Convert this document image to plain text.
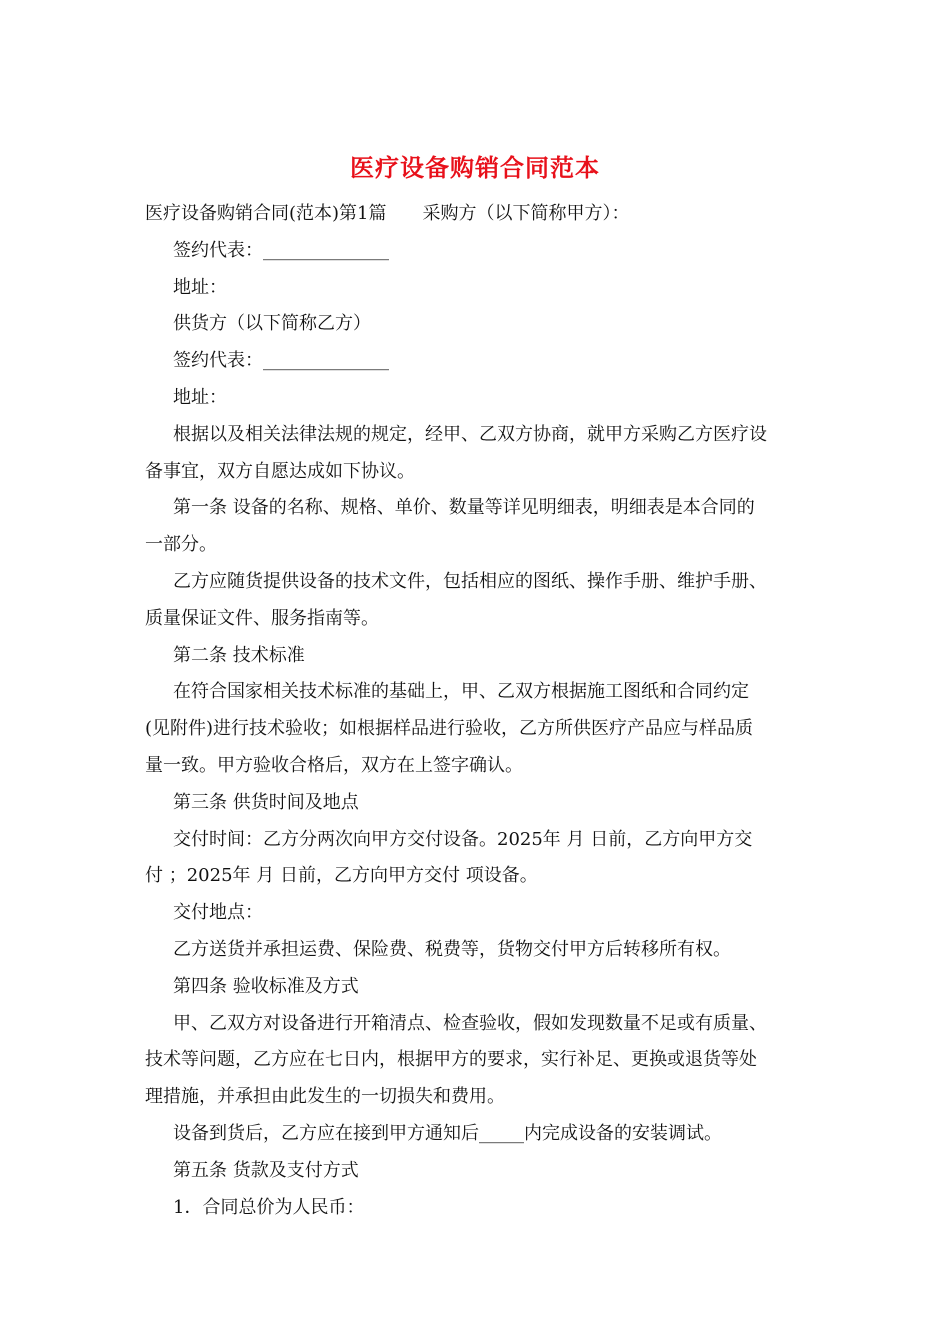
医疗设备购销合同范本
医疗设备购销合同(范本)第1篇　　采购方（以下简称甲方）：
签约代表：______________
地址：
供货方（以下简称乙方）
签约代表：______________
地址：
根据以及相关法律法规的规定，经甲、乙双方协商，就甲方采购乙方医疗设
备事宜，双方自愿达成如下协议。
第一条 设备的名称、规格、单价、数量等详见明细表，明细表是本合同的
一部分。
乙方应随货提供设备的技术文件，包括相应的图纸、操作手册、维护手册、
质量保证文件、服务指南等。
第二条 技术标准
在符合国家相关技术标准的基础上，甲、乙双方根据施工图纸和合同约定
(见附件)进行技术验收；如根据样品进行验收，乙方所供医疗产品应与样品质
量一致。甲方验收合格后，双方在上签字确认。
第三条 供货时间及地点
交付时间：乙方分两次向甲方交付设备。2025年 月 日前，乙方向甲方交
付 ；2025年 月 日前，乙方向甲方交付 项设备。
交付地点：
乙方送货并承担运费、保险费、税费等，货物交付甲方后转移所有权。
第四条 验收标准及方式
甲、乙双方对设备进行开箱清点、检查验收，假如发现数量不足或有质量、
技术等问题，乙方应在七日内，根据甲方的要求，实行补足、更换或退货等处
理措施，并承担由此发生的一切损失和费用。
设备到货后，乙方应在接到甲方通知后_____内完成设备的安装调试。
第五条 货款及支付方式
1．合同总价为人民币：
